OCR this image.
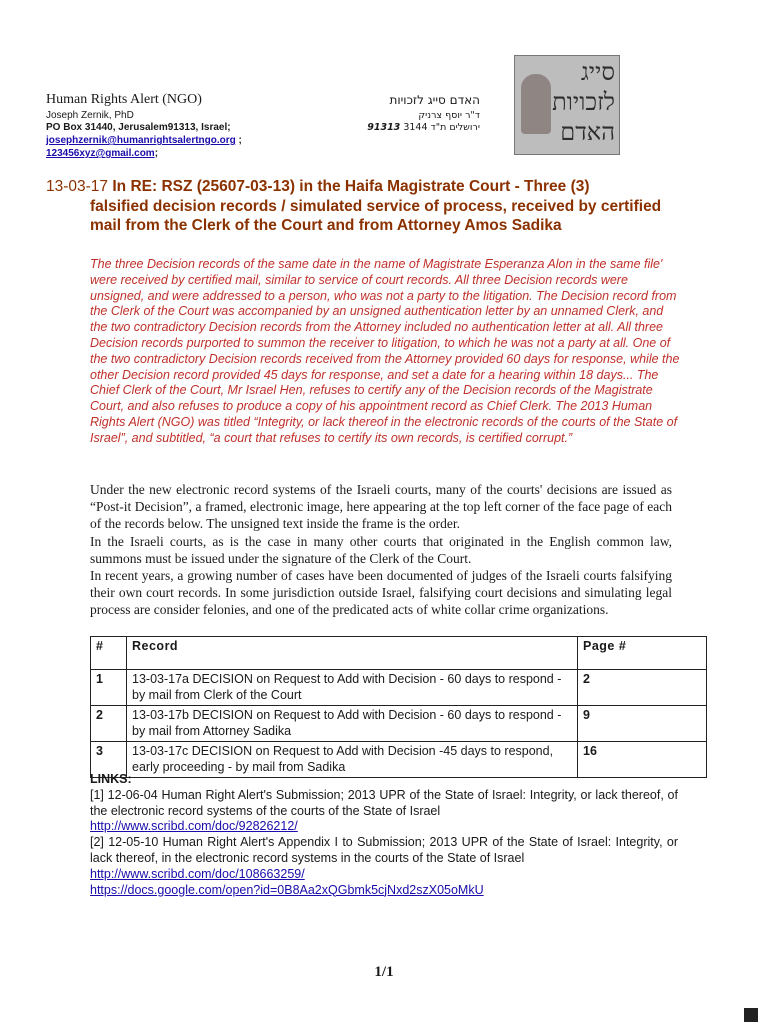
Human Rights Alert (NGO)
Joseph Zernik, PhD
PO Box 31440, Jerusalem91313, Israel;
josephzernik@humanrightsalertngo.org ;
123456xyz@gmail.com;
האדם סייג לזכויות
ד"ר יוסף צרניק
ירושלים ת"ד 3144 91313
סייג
לזכויות
האדם
13-03-17 In RE: RSZ (25607-03-13) in the Haifa Magistrate Court - Three (3)
falsified decision records / simulated service of process, received by certified mail from the Clerk of the Court and from Attorney Amos Sadika
The three Decision records of the same date in the name of Magistrate Esperanza Alon in the same file' were received by certified mail, similar to service of court records. All three Decision records were unsigned, and were addressed to a person, who was not a party to the litigation. The Decision record from the Clerk of the Court was accompanied by an unsigned authentication letter by an unnamed Clerk, and the two contradictory Decision records from the Attorney included no authentication letter at all. All three Decision records purported to summon the receiver to litigation, to which he was not a party at all. One of the two contradictory Decision records received from the Attorney provided 60 days for response, while the other Decision record provided 45 days for response, and set a date for a hearing within 18 days... The Chief Clerk of the Court, Mr Israel Hen, refuses to certify any of the Decision records of the Magistrate Court, and also refuses to produce a copy of his appointment record as Chief Clerk. The 2013 Human Rights Alert (NGO) was titled “Integrity, or lack thereof in the electronic records of the courts of the State of Israel”, and subtitled, “a court that refuses to certify its own records, is certified corrupt.”

Under the new electronic record systems of the Israeli courts, many of the courts' decisions are issued as “Post-it Decision”, a framed, electronic image, here appearing at the top left corner of the face page of each of the records below. The unsigned text inside the frame is the order.

In the Israeli courts, as is the case in many other courts that originated in the English common law, summons must be issued under the signature of the Clerk of the Court.

In recent years, a growing number of cases have been documented of judges of the Israeli courts falsifying their own court records. In some jurisdiction outside Israel, falsifying court decisions and simulating legal process are consider felonies, and one of the predicated acts of white collar crime organizations.

#	Record	Page #
1	13-03-17a DECISION on Request to Add with Decision - 60 days to respond - by mail from Clerk of the Court	2
2	13-03-17b DECISION on Request to Add with Decision - 60 days to respond - by mail from Attorney Sadika	9
3	13-03-17c DECISION on Request to Add with Decision -45 days to respond, early proceeding - by mail from Sadika	16
LINKS:
[1] 12-06-04 Human Right Alert's Submission; 2013 UPR of the State of Israel: Integrity, or lack thereof, of the electronic record systems of the courts of the State of Israel
http://www.scribd.com/doc/92826212/
[2] 12-05-10 Human Right Alert's Appendix I to Submission; 2013 UPR of the State of Israel: Integrity, or lack thereof, in the electronic record systems in the courts of the State of Israel
http://www.scribd.com/doc/108663259/
https://docs.google.com/open?id=0B8Aa2xQGbmk5cjNxd2szX05oMkU
1/1
